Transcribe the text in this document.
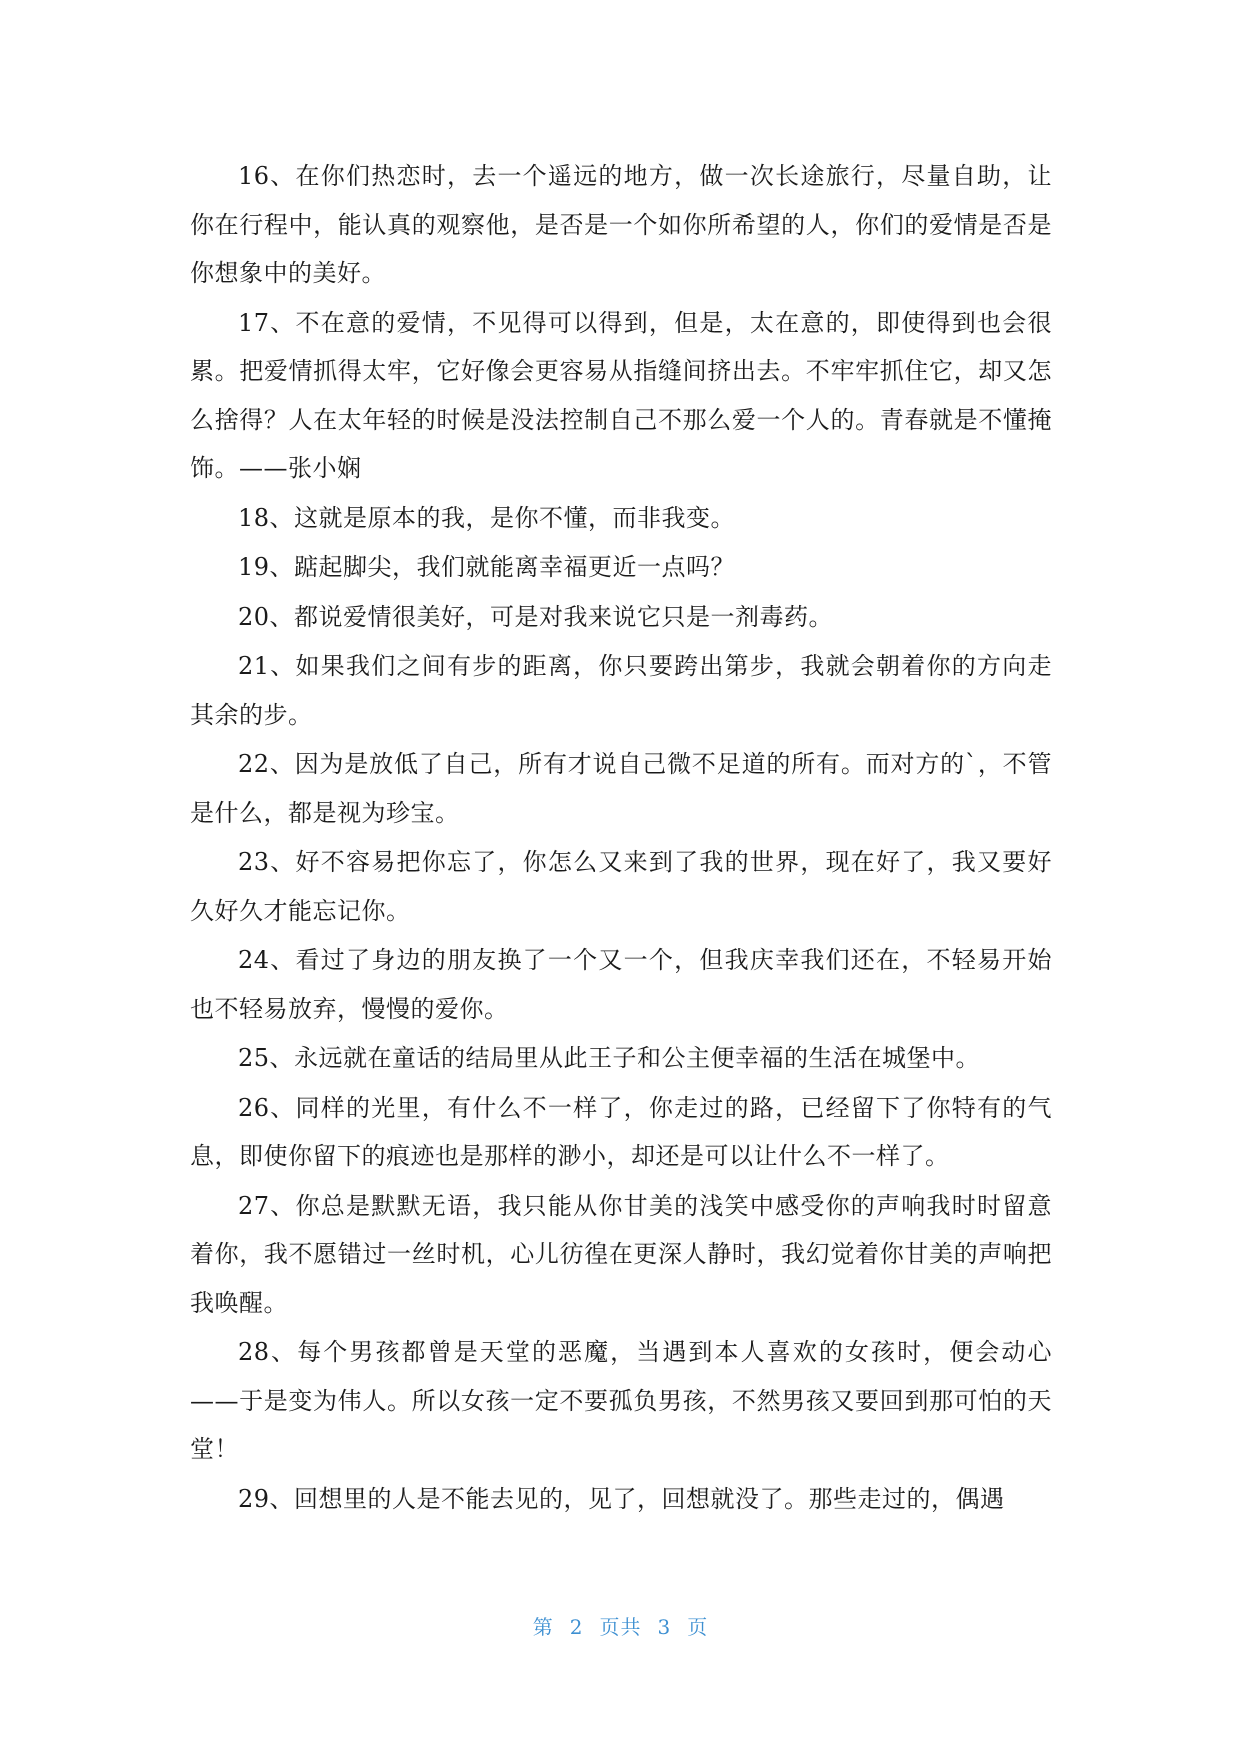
16、在你们热恋时，去一个遥远的地方，做一次长途旅行，尽量自助，让你在行程中，能认真的观察他，是否是一个如你所希望的人，你们的爱情是否是你想象中的美好。

17、不在意的爱情，不见得可以得到，但是，太在意的，即使得到也会很累。把爱情抓得太牢，它好像会更容易从指缝间挤出去。不牢牢抓住它，却又怎么捨得？人在太年轻的时候是没法控制自己不那么爱一个人的。青春就是不懂掩饰。——张小娴

18、这就是原本的我，是你不懂，而非我变。

19、踮起脚尖，我们就能离幸福更近一点吗？

20、都说爱情很美好，可是对我来说它只是一剂毒药。

21、如果我们之间有步的距离，你只要跨出第步，我就会朝着你的方向走其余的步。

22、因为是放低了自己，所有才说自己微不足道的所有。而对方的`，不管是什么，都是视为珍宝。

23、好不容易把你忘了，你怎么又来到了我的世界，现在好了，我又要好久好久才能忘记你。

24、看过了身边的朋友换了一个又一个，但我庆幸我们还在，不轻易开始也不轻易放弃，慢慢的爱你。

25、永远就在童话的结局里从此王子和公主便幸福的生活在城堡中。

26、同样的光里，有什么不一样了，你走过的路，已经留下了你特有的气息，即使你留下的痕迹也是那样的渺小，却还是可以让什么不一样了。

27、你总是默默无语，我只能从你甘美的浅笑中感受你的声响我时时留意着你，我不愿错过一丝时机，心儿彷徨在更深人静时，我幻觉着你甘美的声响把我唤醒。

28、每个男孩都曾是天堂的恶魔，当遇到本人喜欢的女孩时，便会动心——于是变为伟人。所以女孩一定不要孤负男孩，不然男孩又要回到那可怕的天堂！

29、回想里的人是不能去见的，见了，回想就没了。那些走过的，偶遇

第 2 页共 3 页
